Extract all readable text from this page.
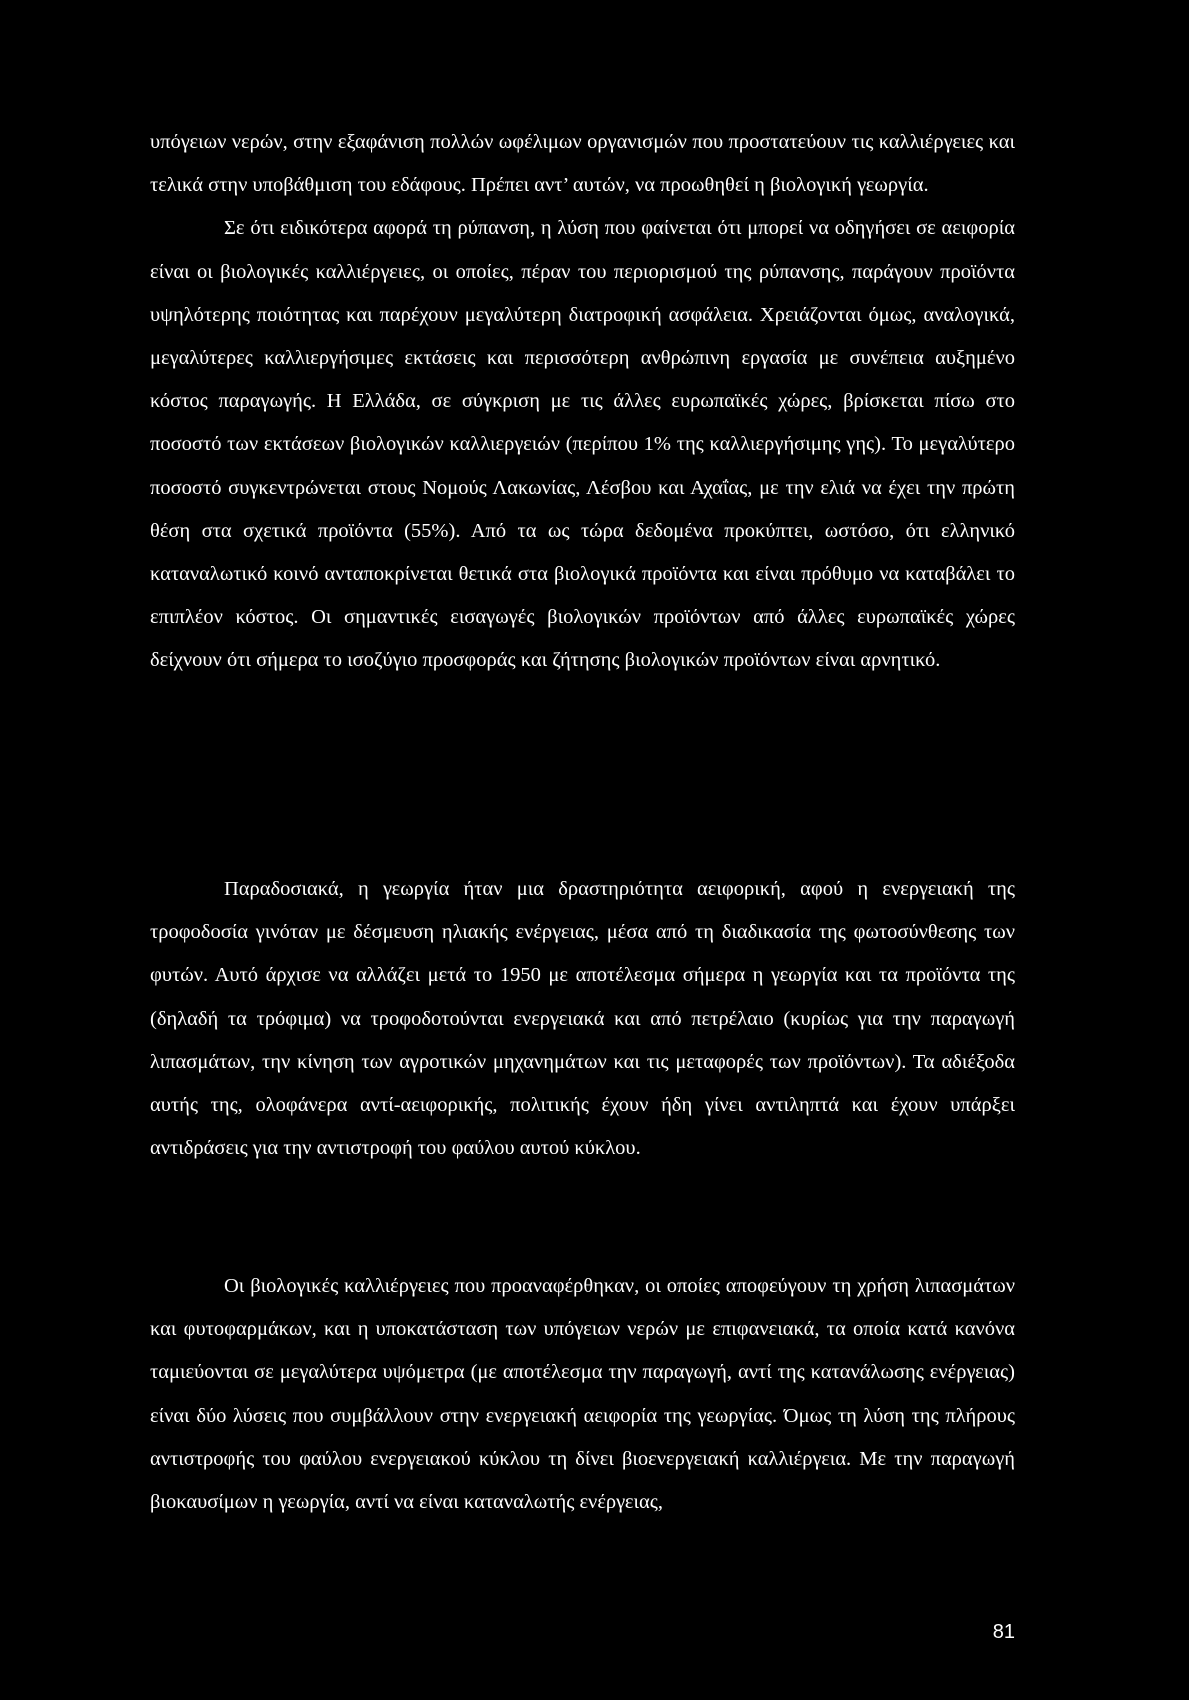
υπόγειων νερών, στην εξαφάνιση πολλών ωφέλιμων οργανισμών που προστατεύουν τις καλλιέργειες και τελικά στην υποβάθμιση του εδάφους. Πρέπει αντ’ αυτών, να προωθηθεί η βιολογική γεωργία.

Σε ότι ειδικότερα αφορά τη ρύπανση, η λύση που φαίνεται ότι μπορεί να οδηγήσει σε αειφορία είναι οι βιολογικές καλλιέργειες, οι οποίες, πέραν του περιορισμού της ρύπανσης, παράγουν προϊόντα υψηλότερης ποιότητας και παρέχουν μεγαλύτερη διατροφική ασφάλεια. Χρειάζονται όμως, αναλογικά, μεγαλύτερες καλλιεργήσιμες εκτάσεις και περισσότερη ανθρώπινη εργασία με συνέπεια αυξημένο κόστος παραγωγής. Η Ελλάδα, σε σύγκριση με τις άλλες ευρωπαϊκές χώρες, βρίσκεται πίσω στο ποσοστό των εκτάσεων βιολογικών καλλιεργειών (περίπου 1% της καλλιεργήσιμης γης). Το μεγαλύτερο ποσοστό συγκεντρώνεται στους Νομούς Λακωνίας, Λέσβου και Αχαΐας, με την ελιά να έχει την πρώτη θέση στα σχετικά προϊόντα (55%). Από τα ως τώρα δεδομένα προκύπτει, ωστόσο, ότι ελληνικό καταναλωτικό κοινό ανταποκρίνεται θετικά στα βιολογικά προϊόντα και είναι πρόθυμο να καταβάλει το επιπλέον κόστος. Οι σημαντικές εισαγωγές βιολογικών προϊόντων από άλλες ευρωπαϊκές χώρες δείχνουν ότι σήμερα το ισοζύγιο προσφοράς και ζήτησης βιολογικών προϊόντων είναι αρνητικό.

Παραδοσιακά, η γεωργία ήταν μια δραστηριότητα αειφορική, αφού η ενεργειακή της τροφοδοσία γινόταν με δέσμευση ηλιακής ενέργειας, μέσα από τη διαδικασία της φωτοσύνθεσης των φυτών. Αυτό άρχισε να αλλάζει μετά το 1950 με αποτέλεσμα σήμερα η γεωργία και τα προϊόντα της (δηλαδή τα τρόφιμα) να τροφοδοτούνται ενεργειακά και από πετρέλαιο (κυρίως για την παραγωγή λιπασμάτων, την κίνηση των αγροτικών μηχανημάτων και τις μεταφορές των προϊόντων). Τα αδιέξοδα αυτής της, ολοφάνερα αντί-αειφορικής, πολιτικής έχουν ήδη γίνει αντιληπτά και έχουν υπάρξει αντιδράσεις για την αντιστροφή του φαύλου αυτού κύκλου.

Οι βιολογικές καλλιέργειες που προαναφέρθηκαν, οι οποίες αποφεύγουν τη χρήση λιπασμάτων και φυτοφαρμάκων, και η υποκατάσταση των υπόγειων νερών με επιφανειακά, τα οποία κατά κανόνα ταμιεύονται σε μεγαλύτερα υψόμετρα (με αποτέλεσμα την παραγωγή, αντί της κατανάλωσης ενέργειας) είναι δύο λύσεις που συμβάλλουν στην ενεργειακή αειφορία της γεωργίας. Όμως τη λύση της πλήρους αντιστροφής του φαύλου ενεργειακού κύκλου τη δίνει βιοενεργειακή καλλιέργεια. Με την παραγωγή βιοκαυσίμων η γεωργία, αντί να είναι καταναλωτής ενέργειας,

81
